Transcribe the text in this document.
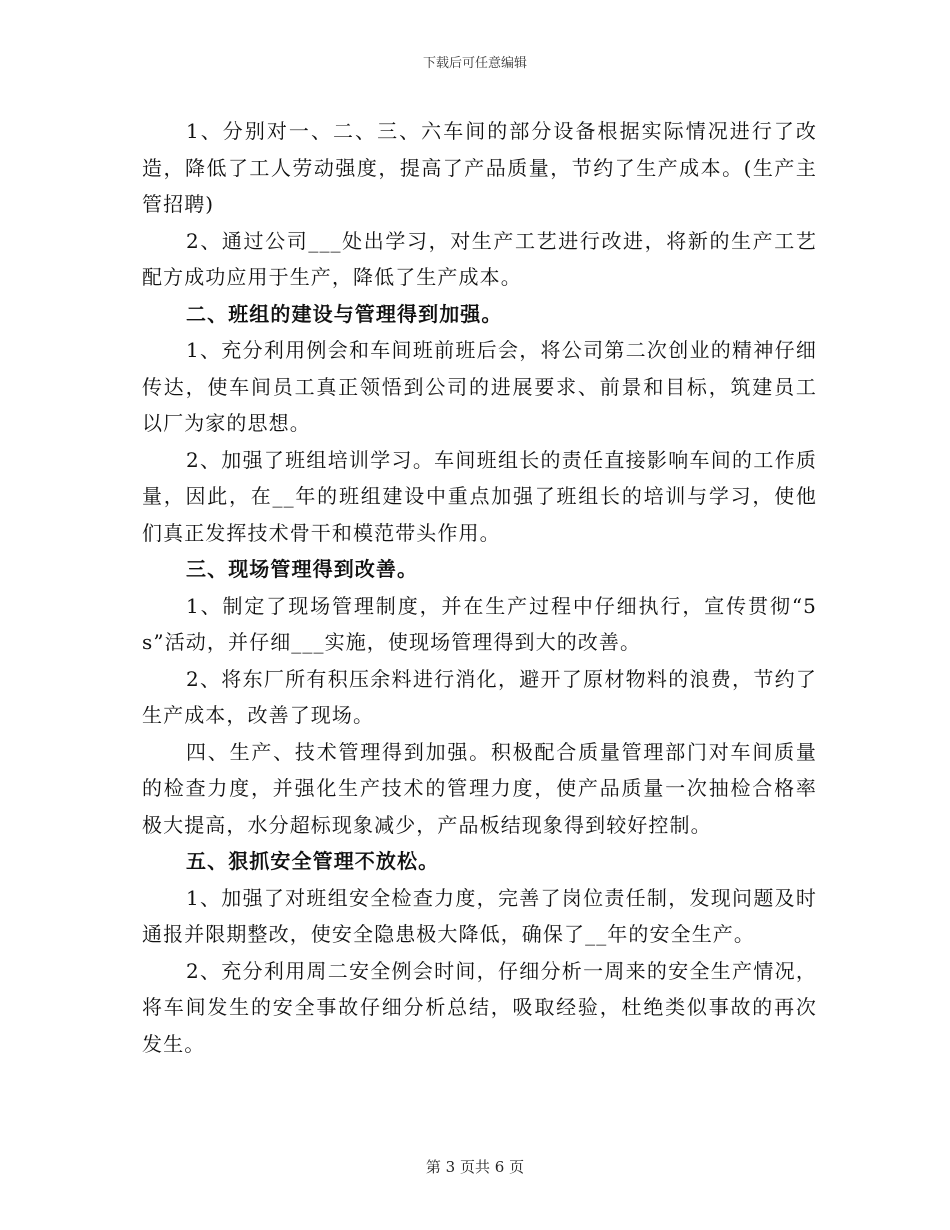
下载后可任意编辑

1、分别对一、二、三、六车间的部分设备根据实际情况进行了改造，降低了工人劳动强度，提高了产品质量，节约了生产成本。(生产主管招聘)

2、通过公司___处出学习，对生产工艺进行改进，将新的生产工艺配方成功应用于生产，降低了生产成本。

二、班组的建设与管理得到加强。

1、充分利用例会和车间班前班后会，将公司第二次创业的精神仔细传达，使车间员工真正领悟到公司的进展要求、前景和目标，筑建员工以厂为家的思想。

2、加强了班组培训学习。车间班组长的责任直接影响车间的工作质量，因此，在__年的班组建设中重点加强了班组长的培训与学习，使他们真正发挥技术骨干和模范带头作用。

三、现场管理得到改善。

1、制定了现场管理制度，并在生产过程中仔细执行，宣传贯彻“5s”活动，并仔细___实施，使现场管理得到大的改善。

2、将东厂所有积压余料进行消化，避开了原材物料的浪费，节约了生产成本，改善了现场。

四、生产、技术管理得到加强。积极配合质量管理部门对车间质量的检查力度，并强化生产技术的管理力度，使产品质量一次抽检合格率极大提高，水分超标现象减少，产品板结现象得到较好控制。

五、狠抓安全管理不放松。

1、加强了对班组安全检查力度，完善了岗位责任制，发现问题及时通报并限期整改，使安全隐患极大降低，确保了__年的安全生产。

2、充分利用周二安全例会时间，仔细分析一周来的安全生产情况，将车间发生的安全事故仔细分析总结，吸取经验，杜绝类似事故的再次发生。

第 3 页共 6 页
